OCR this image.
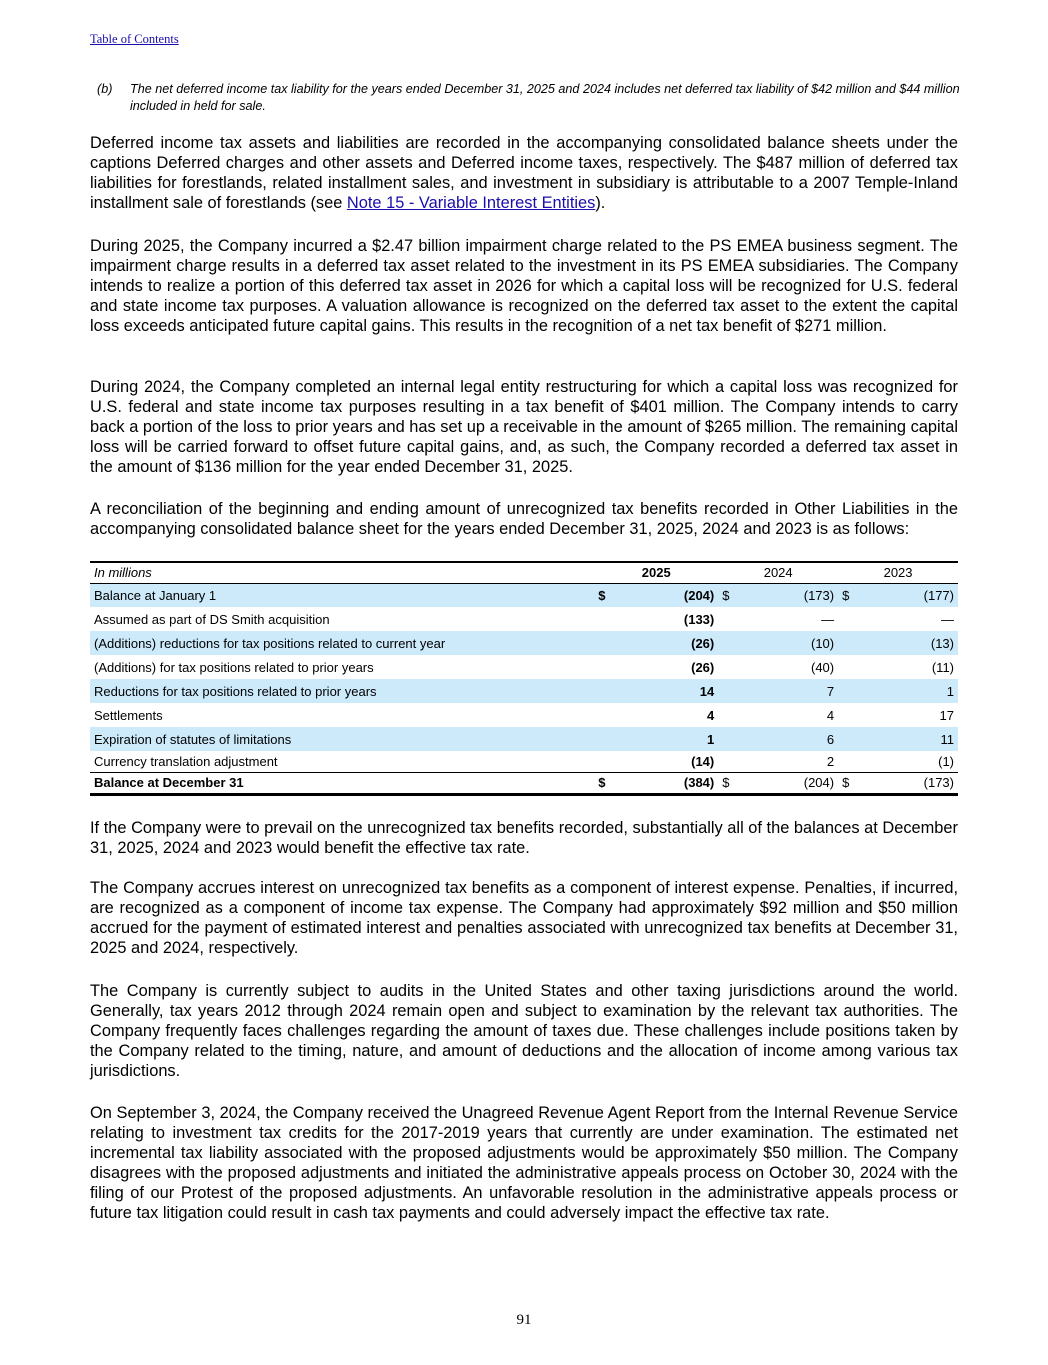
Table of Contents
(b)	The net deferred income tax liability for the years ended December 31, 2025 and 2024 includes net deferred tax liability of $42 million and $44 million included in held for sale.

Deferred income tax assets and liabilities are recorded in the accompanying consolidated balance sheets under the captions Deferred charges and other assets and Deferred income taxes, respectively. The $487 million of deferred tax liabilities for forestlands, related installment sales, and investment in subsidiary is attributable to a 2007 Temple-Inland installment sale of forestlands (see Note 15 - Variable Interest Entities).

During 2025, the Company incurred a $2.47 billion impairment charge related to the PS EMEA business segment. The impairment charge results in a deferred tax asset related to the investment in its PS EMEA subsidiaries. The Company intends to realize a portion of this deferred tax asset in 2026 for which a capital loss will be recognized for U.S. federal and state income tax purposes. A valuation allowance is recognized on the deferred tax asset to the extent the capital loss exceeds anticipated future capital gains. This results in the recognition of a net tax benefit of $271 million.

During 2024, the Company completed an internal legal entity restructuring for which a capital loss was recognized for U.S. federal and state income tax purposes resulting in a tax benefit of $401 million. The Company intends to carry back a portion of the loss to prior years and has set up a receivable in the amount of $265 million. The remaining capital loss will be carried forward to offset future capital gains, and, as such, the Company recorded a deferred tax asset in the amount of $136 million for the year ended December 31, 2025.

A reconciliation of the beginning and ending amount of unrecognized tax benefits recorded in Other Liabilities in the accompanying consolidated balance sheet for the years ended December 31, 2025, 2024 and 2023 is as follows:

In millions	2025		2024		2023	
Balance at January 1	$	(204)	$	(173)	$	(177)
Assumed as part of DS Smith acquisition		(133)		—		—
(Additions) reductions for tax positions related to current year		(26)		(10)		(13)
(Additions) for tax positions related to prior years		(26)		(40)		(11)
Reductions for tax positions related to prior years		14		7		1
Settlements		4		4		17
Expiration of statutes of limitations		1		6		11
Currency translation adjustment		(14)		2		(1)
Balance at December 31	$	(384)	$	(204)	$	(173)

If the Company were to prevail on the unrecognized tax benefits recorded, substantially all of the balances at December 31, 2025, 2024 and 2023 would benefit the effective tax rate.

The Company accrues interest on unrecognized tax benefits as a component of interest expense. Penalties, if incurred, are recognized as a component of income tax expense. The Company had approximately $92 million and $50 million accrued for the payment of estimated interest and penalties associated with unrecognized tax benefits at December 31, 2025 and 2024, respectively.

The Company is currently subject to audits in the United States and other taxing jurisdictions around the world. Generally, tax years 2012 through 2024 remain open and subject to examination by the relevant tax authorities. The Company frequently faces challenges regarding the amount of taxes due. These challenges include positions taken by the Company related to the timing, nature, and amount of deductions and the allocation of income among various tax jurisdictions.

On September 3, 2024, the Company received the Unagreed Revenue Agent Report from the Internal Revenue Service relating to investment tax credits for the 2017-2019 years that currently are under examination. The estimated net incremental tax liability associated with the proposed adjustments would be approximately $50 million. The Company disagrees with the proposed adjustments and initiated the administrative appeals process on October 30, 2024 with the filing of our Protest of the proposed adjustments. An unfavorable resolution in the administrative appeals process or future tax litigation could result in cash tax payments and could adversely impact the effective tax rate.

91
